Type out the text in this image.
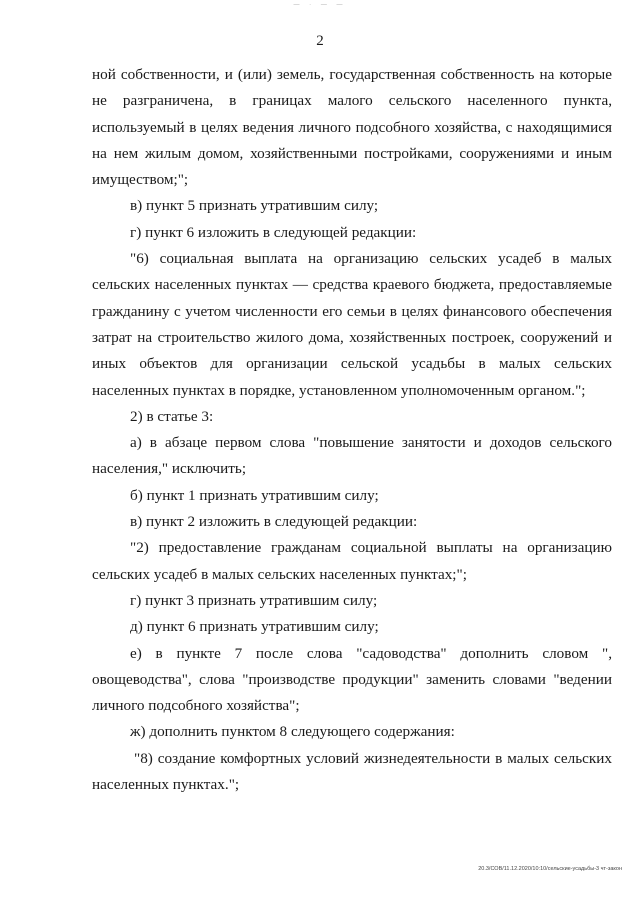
— · — —
2

ной собственности, и (или) земель, государственная собственность на которые не разграничена, в границах малого сельского населенного пункта, используемый в целях ведения личного подсобного хозяйства, с находящимися на нем жилым домом, хозяйственными постройками, сооружениями и иным имуществом;";

в) пункт 5 признать утратившим силу;

г) пункт 6 изложить в следующей редакции:

"6) социальная выплата на организацию сельских усадеб в малых сельских населенных пунктах — средства краевого бюджета, предоставляемые гражданину с учетом численности его семьи в целях финансового обеспечения затрат на строительство жилого дома, хозяйственных построек, сооружений и иных объектов для организации сельской усадьбы в малых сельских населенных пунктах в порядке, установленном уполномоченным органом.";

2) в статье 3:

а) в абзаце первом слова "повышение занятости и доходов сельского населения," исключить;

б) пункт 1 признать утратившим силу;

в) пункт 2 изложить в следующей редакции:

"2) предоставление гражданам социальной выплаты на организацию сельских усадеб в малых сельских населенных пунктах;";

г) пункт 3 признать утратившим силу;

д) пункт 6 признать утратившим силу;

е) в пункте 7 после слова "садоводства" дополнить словом ", овощеводства", слова "производстве продукции" заменить словами "ведении личного подсобного хозяйства";

ж) дополнить пунктом 8 следующего содержания:

"8) создание комфортных условий жизнедеятельности в малых сельских населенных пунктах.";

20.3/СОВ/11.12.2020/10:10/сельские-усадьбы-3 чт-закон
